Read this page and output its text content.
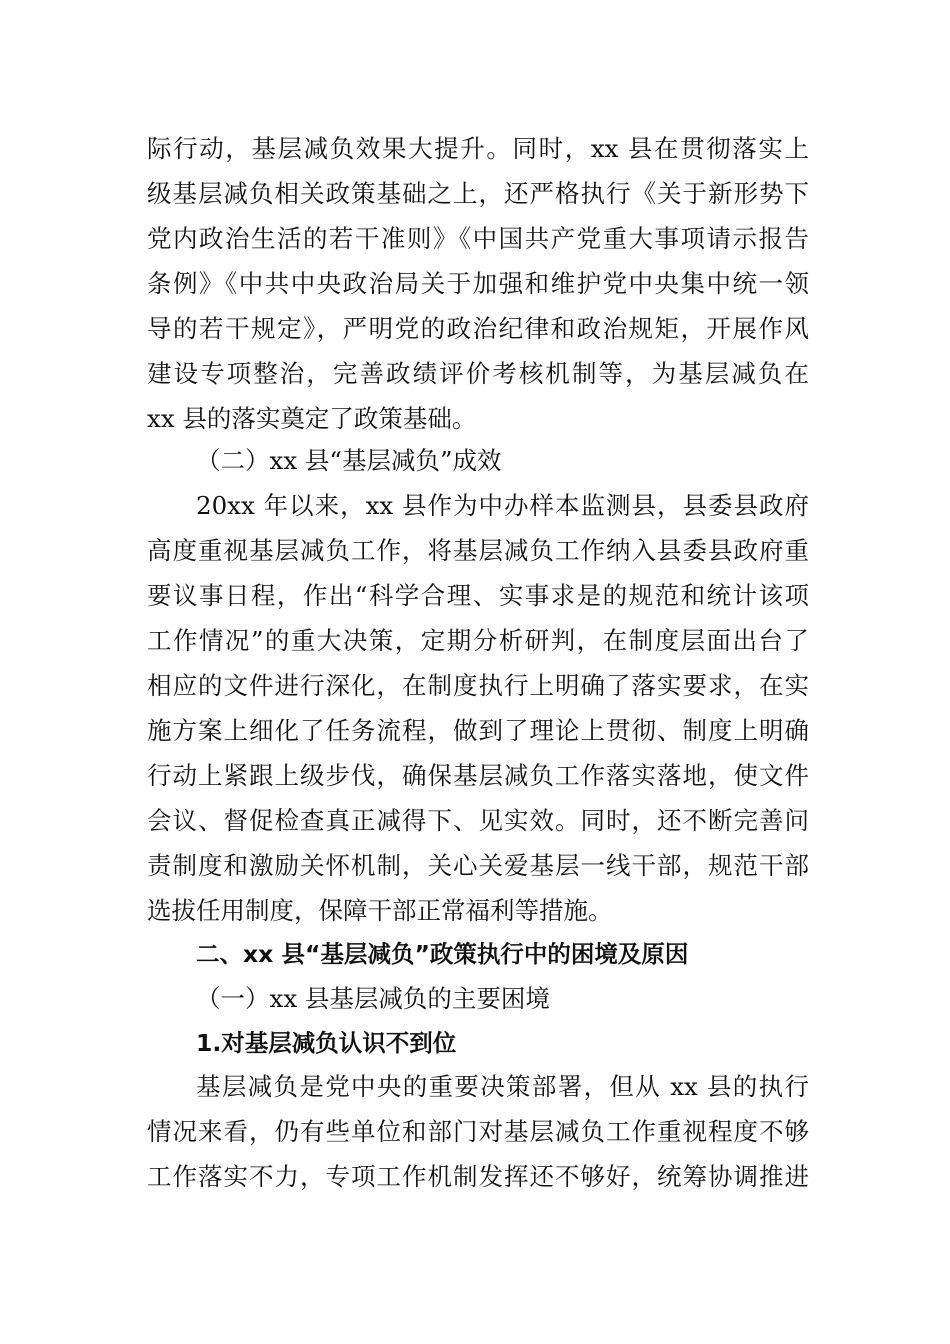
际行动，基层减负效果大提升。同时，xx 县在贯彻落实上
级基层减负相关政策基础之上，还严格执行《关于新形势下
党内政治生活的若干准则》《中国共产党重大事项请示报告
条例》《中共中央政治局关于加强和维护党中央集中统一领
导的若干规定》，严明党的政治纪律和政治规矩，开展作风
建设专项整治，完善政绩评价考核机制等，为基层减负在
xx 县的落实奠定了政策基础。
（二）xx 县“基层减负”成效
20xx 年以来，xx 县作为中办样本监测县，县委县政府
高度重视基层减负工作，将基层减负工作纳入县委县政府重
要议事日程，作出“科学合理、实事求是的规范和统计该项
工作情况”的重大决策，定期分析研判，在制度层面出台了
相应的文件进行深化，在制度执行上明确了落实要求，在实
施方案上细化了任务流程，做到了理论上贯彻、制度上明确
行动上紧跟上级步伐，确保基层减负工作落实落地，使文件
会议、督促检查真正减得下、见实效。同时，还不断完善问
责制度和激励关怀机制，关心关爱基层一线干部，规范干部
选拔任用制度，保障干部正常福利等措施。
二、xx 县“基层减负”政策执行中的困境及原因
（一）xx 县基层减负的主要困境
1.对基层减负认识不到位
基层减负是党中央的重要决策部署，但从 xx 县的执行
情况来看，仍有些单位和部门对基层减负工作重视程度不够
工作落实不力，专项工作机制发挥还不够好，统筹协调推进
